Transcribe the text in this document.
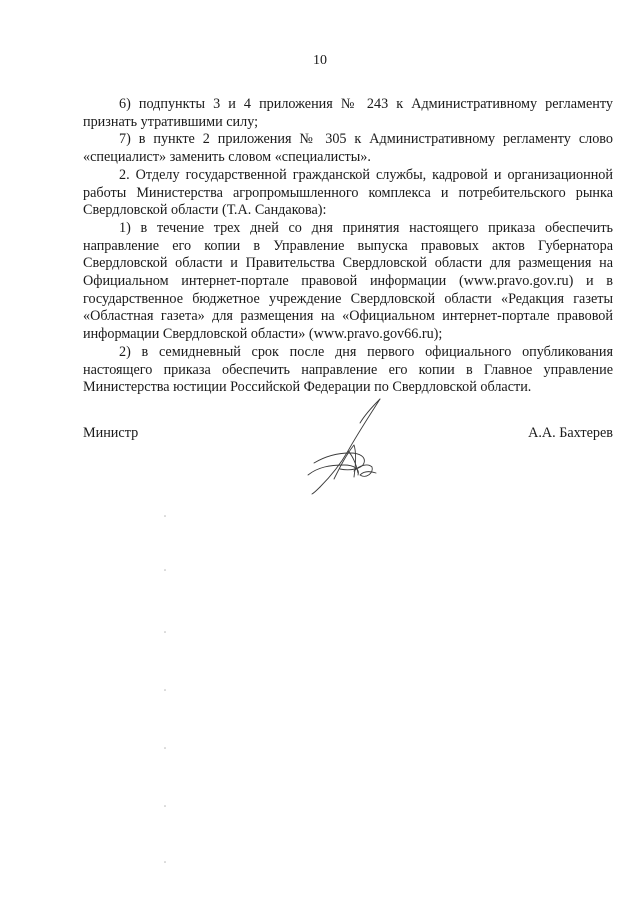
10

6) подпункты 3 и 4 приложения № 243 к Административному регламенту признать утратившими силу;

7) в пункте 2 приложения № 305 к Административному регламенту слово «специалист» заменить словом «специалисты».

2. Отделу государственной гражданской службы, кадровой и организационной работы Министерства агропромышленного комплекса и потребительского рынка Свердловской области (Т.А. Сандакова):

1) в течение трех дней со дня принятия настоящего приказа обеспечить направление его копии в Управление выпуска правовых актов Губернатора Свердловской области и Правительства Свердловской области для размещения на Официальном интернет-портале правовой информации (www.pravo.gov.ru) и в государственное бюджетное учреждение Свердловской области «Редакция газеты «Областная газета» для размещения на «Официальном интернет-портале правовой информации Свердловской области» (www.pravo.gov66.ru);

2) в семидневный срок после дня первого официального опубликования настоящего приказа обеспечить направление его копии в Главное управление Министерства юстиции Российской Федерации по Свердловской области.

Министр	А.А. Бахтерев
